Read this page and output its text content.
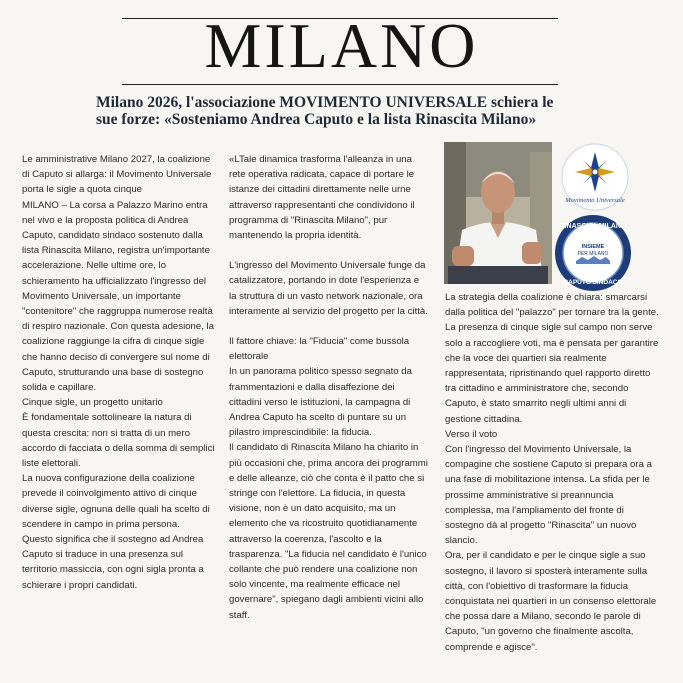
MILANO
Milano 2026, l'associazione MOVIMENTO UNIVERSALE schiera le sue forze: «Sosteniamo Andrea Caputo e la lista Rinascita Milano»

Le amministrative Milano 2027, la coalizione di Caputo si allarga: il Movimento Universale porta le sigle a quota cinque

MILANO – La corsa a Palazzo Marino entra nel vivo e la proposta politica di Andrea Caputo, candidato sindaco sostenuto dalla lista Rinascita Milano, registra un'importante accelerazione. Nelle ultime ore, lo schieramento ha ufficializzato l'ingresso del Movimento Universale, un importante "contenitore" che raggruppa numerose realtà di respiro nazionale. Con questa adesione, la coalizione raggiunge la cifra di cinque sigle che hanno deciso di convergere sul nome di Caputo, strutturando una base di sostegno solida e capillare.

Cinque sigle, un progetto unitario

È fondamentale sottolineare la natura di questa crescita: non si tratta di un mero accordo di facciata o della somma di semplici liste elettorali.

La nuova configurazione della coalizione prevede il coinvolgimento attivo di cinque diverse sigle, ognuna delle quali ha scelto di scendere in campo in prima persona.

Questo significa che il sostegno ad Andrea Caputo si traduce in una presenza sul territorio massiccia, con ogni sigla pronta a schierare i propri candidati.

«LTale dinamica trasforma l'alleanza in una rete operativa radicata, capace di portare le istanze dei cittadini direttamente nelle urne attraverso rappresentanti che condividono il programma di "Rinascita Milano", pur mantenendo la propria identità.

L'ingresso del Movimento Universale funge da catalizzatore, portando in dote l'esperienza e la struttura di un vasto network nazionale, ora interamente al servizio del progetto per la città.

Il fattore chiave: la "Fiducia" come bussola elettorale

In un panorama politico spesso segnato da frammentazioni e dalla disaffezione dei cittadini verso le istituzioni, la campagna di Andrea Caputo ha scelto di puntare su un pilastro imprescindibile: la fiducia.

Il candidato di Rinascita Milano ha chiarito in più occasioni che, prima ancora dei programmi e delle alleanze, ciò che conta è il patto che si stringe con l'elettore. La fiducia, in questa visione, non è un dato acquisito, ma un elemento che va ricostruito quotidianamente attraverso la coerenza, l'ascolto e la trasparenza. "La fiducia nel candidato è l'unico collante che può rendere una coalizione non solo vincente, ma realmente efficace nel governare", spiegano dagli ambienti vicini allo staff.

Movimento Universale
RINASCITA MILANO
INSIEME
PER MILANO
CAPUTO SINDACO

La strategia della coalizione è chiara: smarcarsi dalla politica del "palazzo" per tornare tra la gente. La presenza di cinque sigle sul campo non serve solo a raccogliere voti, ma è pensata per garantire che la voce dei quartieri sia realmente rappresentata, ripristinando quel rapporto diretto tra cittadino e amministratore che, secondo Caputo, è stato smarrito negli ultimi anni di gestione cittadina.

Verso il voto

Con l'ingresso del Movimento Universale, la compagine che sostiene Caputo si prepara ora a una fase di mobilitazione intensa. La sfida per le prossime amministrative si preannuncia complessa, ma l'ampliamento del fronte di sostegno dà al progetto "Rinascita" un nuovo slancio.

Ora, per il candidato e per le cinque sigle a suo sostegno, il lavoro si sposterà interamente sulla città, con l'obiettivo di trasformare la fiducia conquistata nei quartieri in un consenso elettorale che possa dare a Milano, secondo le parole di Caputo, "un governo che finalmente ascolta, comprende e agisce".
